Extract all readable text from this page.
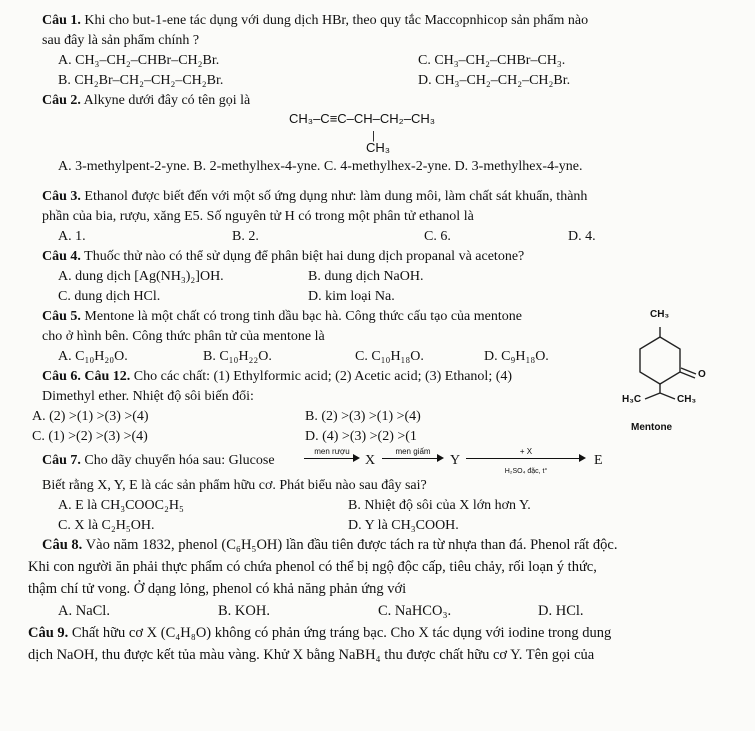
Câu 1. Khi cho but-1-ene tác dụng với dung dịch HBr, theo quy tắc Maccopnhicop sản phẩm nào
sau đây là sản phẩm chính ?
A. CH₃–CH₂–CHBr–CH₂Br.	C. CH₃–CH₂–CHBr–CH₃.
B. CH₂Br–CH₂–CH₂–CH₂Br.	D. CH₃–CH₂–CH₂–CH₂Br.
Câu 2. Alkyne dưới đây có tên gọi là
CH₃–C≡C–CH–CH₂–CH₃
|
CH₃
A. 3-methylpent-2-yne. B. 2-methylhex-4-yne. C. 4-methylhex-2-yne. D. 3-methylhex-4-yne.
Câu 3. Ethanol được biết đến với một số ứng dụng như: làm dung môi, làm chất sát khuẩn, thành
phần của bia, rượu, xăng E5. Số nguyên tử H có trong một phân tử ethanol là
A. 1.	B. 2.	C. 6.	D. 4.
Câu 4. Thuốc thử nào có thể sử dụng để phân biệt hai dung dịch propanal và acetone?
A. dung dịch [Ag(NH₃)₂]OH.	B. dung dịch NaOH.
C. dung dịch HCl.	D. kim loại Na.
Câu 5. Mentone là một chất có trong tinh dầu bạc hà. Công thức cấu tạo của mentone
cho ở hình bên. Công thức phân tử của mentone là
A. C₁₀H₂₀O.	B. C₁₀H₂₂O.	C. C₁₀H₁₈O.	D. C₉H₁₈O.
CH₃
O
H₃C	CH₃
Mentone
Câu 6. Câu 12. Cho các chất: (1) Ethylformic acid; (2) Acetic acid; (3) Ethanol; (4)
Dimethyl ether. Nhiệt độ sôi biến đổi:
A. (2) >(1) >(3) >(4)	B. (2) >(3) >(1) >(4)
C. (1) >(2) >(3) >(4)	D. (4) >(3) >(2) >(1
Câu 7. Cho dãy chuyển hóa sau: Glucose
men rượu
X
men giấm
Y
+ X
H₂SO₄ đặc, t°
E
Biết rằng X, Y, E là các sản phẩm hữu cơ. Phát biểu nào sau đây sai?
A. E là CH₃COOC₂H₅	B. Nhiệt độ sôi của X lớn hơn Y.
C. X là C₂H₅OH.	D. Y là CH₃COOH.
Câu 8. Vào năm 1832, phenol (C₆H₅OH) lần đầu tiên được tách ra từ nhựa than đá. Phenol rất độc.
Khi con người ăn phải thực phẩm có chứa phenol có thể bị ngộ độc cấp, tiêu chảy, rối loạn ý thức,
thậm chí tử vong. Ở dạng lỏng, phenol có khả năng phản ứng với
A. NaCl.	B. KOH.	C. NaHCO₃.	D. HCl.
Câu 9. Chất hữu cơ X (C₄H₈O) không có phản ứng tráng bạc. Cho X tác dụng với iodine trong dung
dịch NaOH, thu được kết tủa màu vàng. Khử X bằng NaBH₄ thu được chất hữu cơ Y. Tên gọi của
